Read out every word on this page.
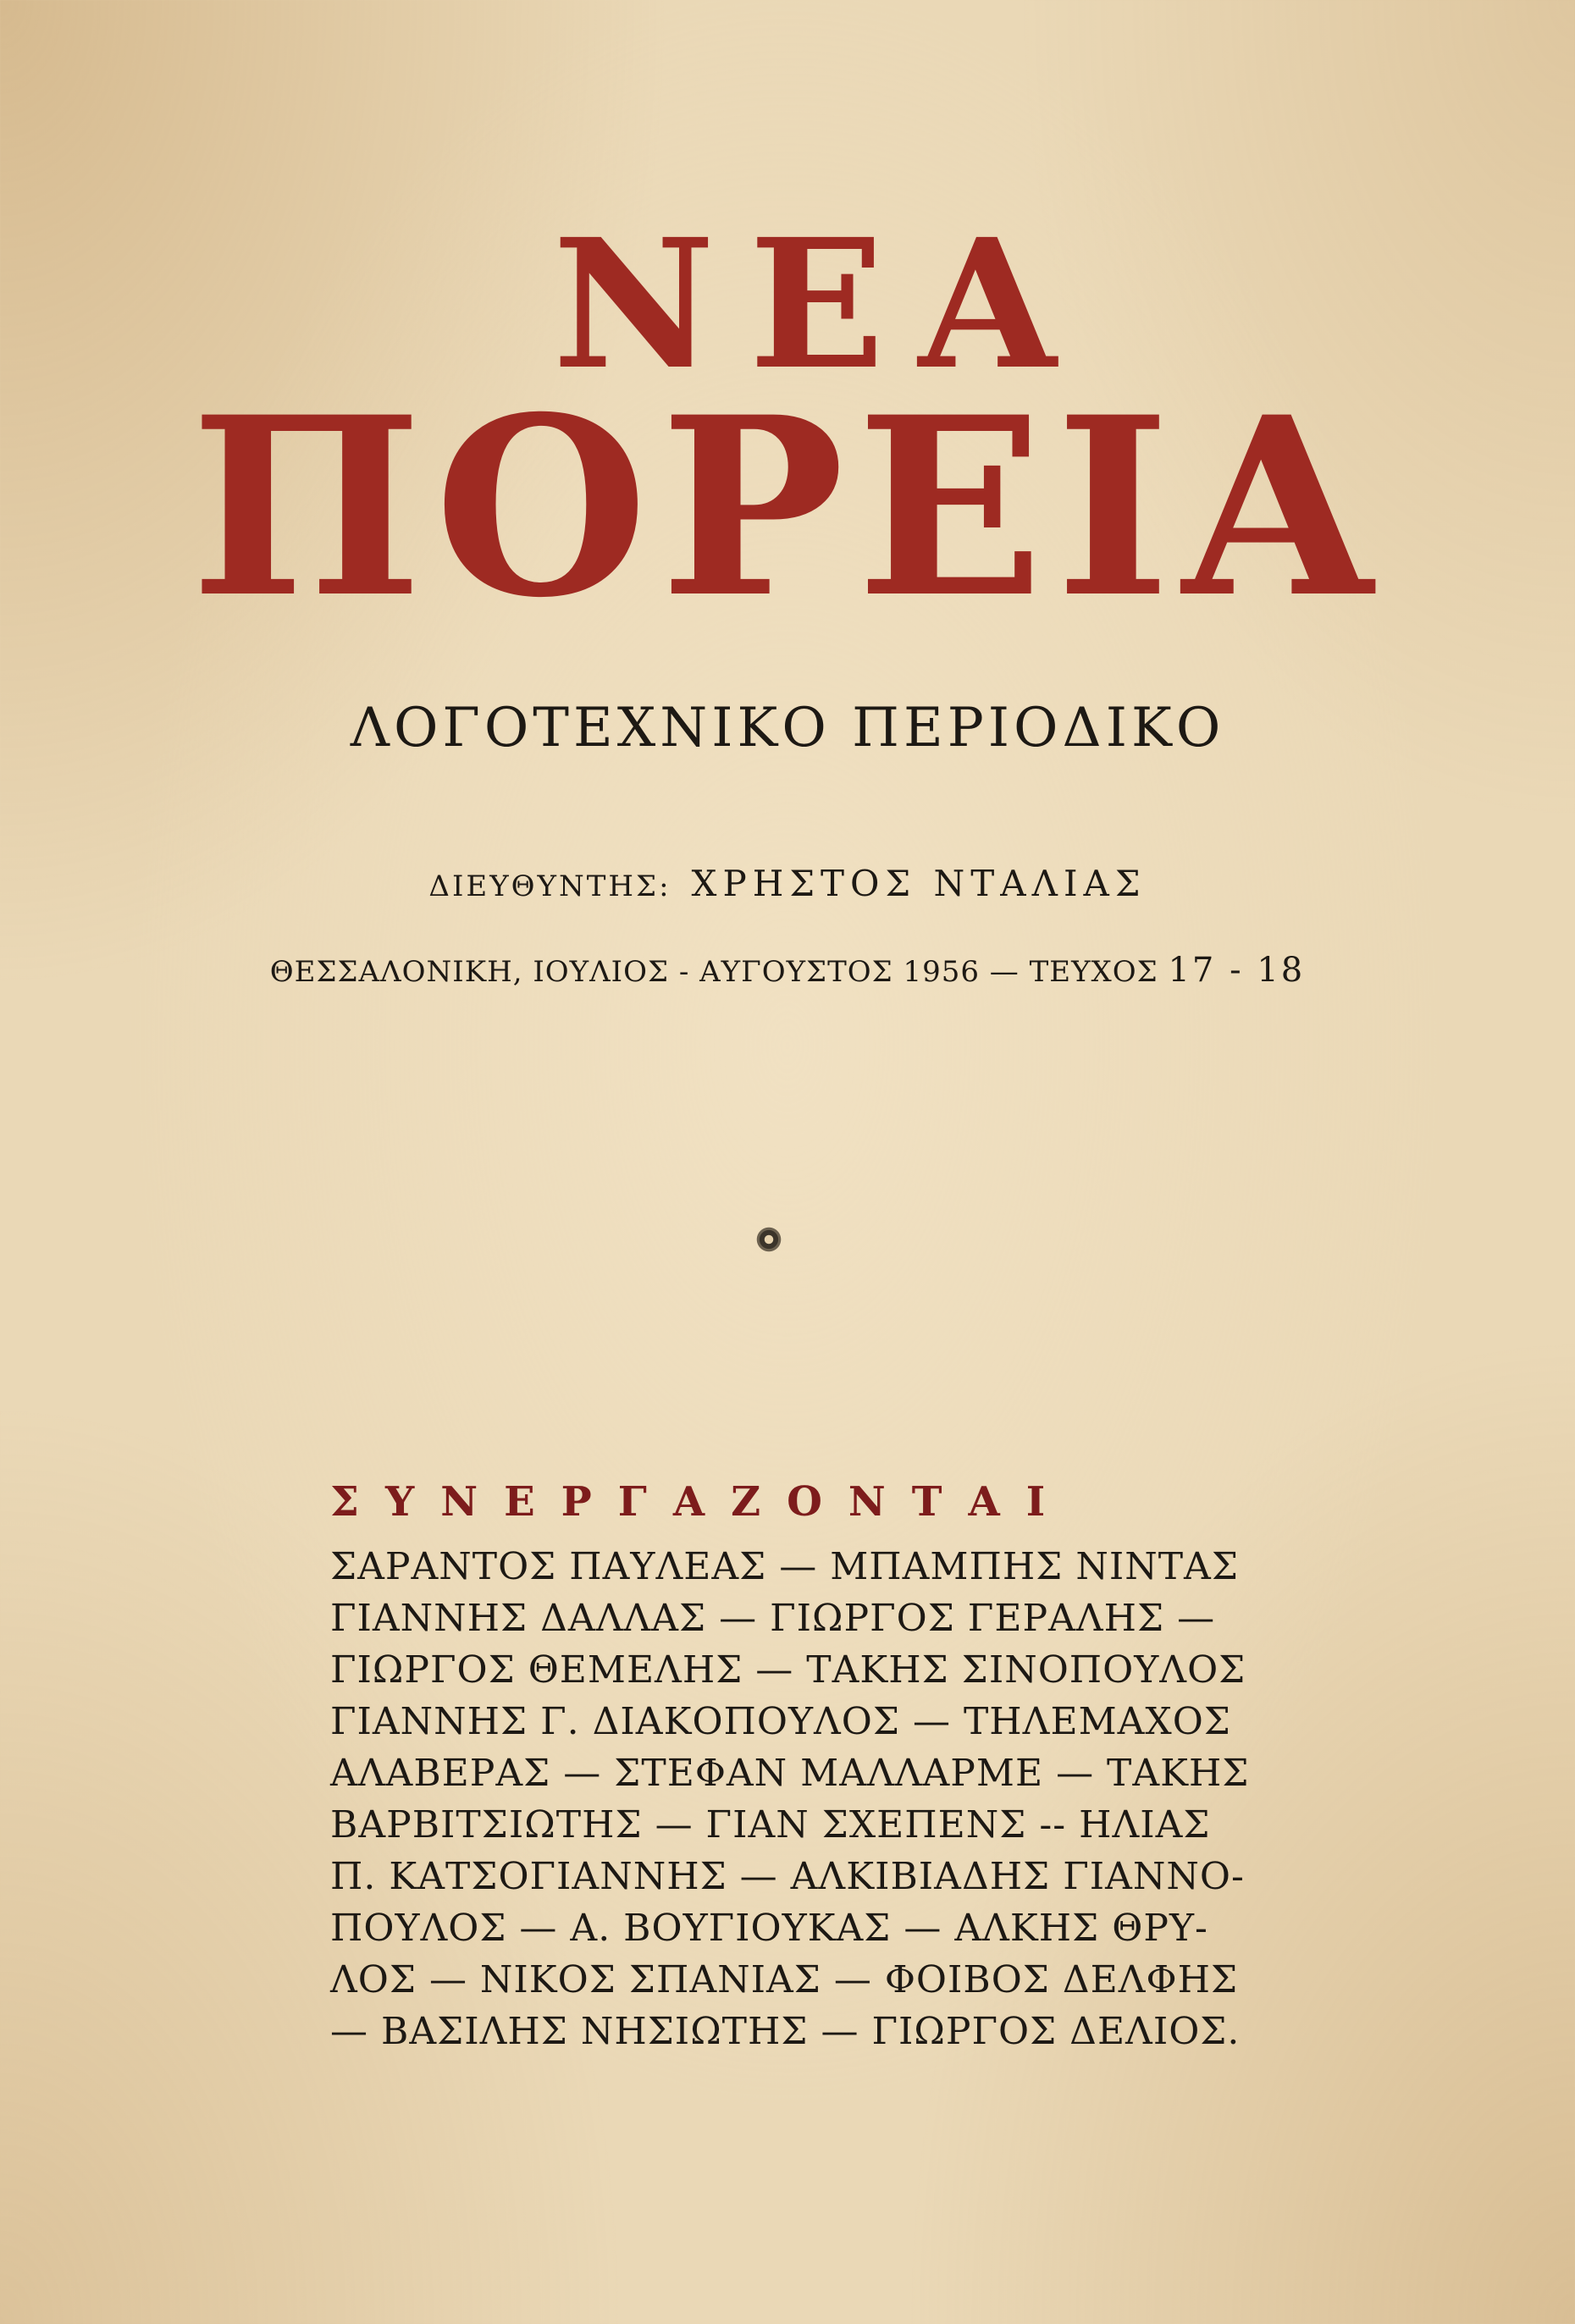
ΝΕΑ
ΠΟΡΕΙΑ
ΛΟΓΟΤΕΧΝΙΚΟ ΠΕΡΙΟΔΙΚΟ
ΔΙΕΥΘΥΝΤΗΣ: ΧΡΗΣΤΟΣ ΝΤΑΛΙΑΣ
ΘΕΣΣΑΛΟΝΙΚΗ, ΙΟΥΛΙΟΣ - ΑΥΓΟΥΣΤΟΣ 1956 — ΤΕΥΧΟΣ 17 - 18
ΣΥΝΕΡΓΑΖΟΝΤΑΙ
ΣΑΡΑΝΤΟΣ ΠΑΥΛΕΑΣ — ΜΠΑΜΠΗΣ ΝΙΝΤΑΣ
ΓΙΑΝΝΗΣ ΔΑΛΛΑΣ — ΓΙΩΡΓΟΣ ΓΕΡΑΛΗΣ —
ΓΙΩΡΓΟΣ ΘΕΜΕΛΗΣ — ΤΑΚΗΣ ΣΙΝΟΠΟΥΛΟΣ
ΓΙΑΝΝΗΣ Γ. ΔΙΑΚΟΠΟΥΛΟΣ — ΤΗΛΕΜΑΧΟΣ
ΑΛΑΒΕΡΑΣ — ΣΤΕΦΑΝ ΜΑΛΛΑΡΜΕ — ΤΑΚΗΣ
ΒΑΡΒΙΤΣΙΩΤΗΣ — ΓΙΑΝ ΣΧΕΠΕΝΣ -- ΗΛΙΑΣ
Π. ΚΑΤΣΟΓΙΑΝΝΗΣ — ΑΛΚΙΒΙΑΔΗΣ ΓΙΑΝΝΟ-
ΠΟΥΛΟΣ — Α. ΒΟΥΓΙΟΥΚΑΣ — ΑΛΚΗΣ ΘΡΥ-
ΛΟΣ — ΝΙΚΟΣ ΣΠΑΝΙΑΣ — ΦΟΙΒΟΣ ΔΕΛΦΗΣ
— ΒΑΣΙΛΗΣ ΝΗΣΙΩΤΗΣ — ΓΙΩΡΓΟΣ ΔΕΛΙΟΣ.
